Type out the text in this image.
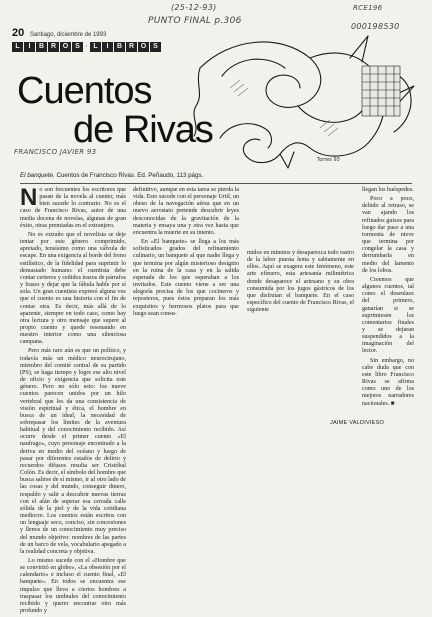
(25-12-93)
PUNTO FINAL p.306
RCE196
000198530
FRANCISCO JAVIER 93
20 Santiago, diciembre de 1993
L	I	B R O S	· L	I	B R O S
Cuentos
de Rivas
Torres 93
El banquete. Cuentos de Francisco Rivas. Ed. Peñaudo, 113 págs.

No son frecuentes los escritores que pasan de la novela al cuento; más bien sucede lo contrario. No es el caso de Francisco Rivas, autor de una media docena de novelas, algunas de gran éxito, otras premiadas en el extranjero.

No es extraño que el novelista se deje tentar por este género comprimido, apretado, tensísimo como una válvula de escape. En una exigencia al borde del freno estilístico, de la fidelidad para suprimir lo demasiado humano: el cuentista debe contar certeros y ceñidos trazos de párrafos y frases y dejar que la fábula hable por sí sola. Un gran cuentista expresó alguna vez que el cuento es una historia con el fin de contar otra. Es decir, más allá de lo aparente, siempre en todo caso, como hay otra lectura y otro mensaje que supere al propio cuento y quede resonando en nuestro interior como una silenciosa campana.

Pero más raro aún es que un político, y todavía más un médico neurocirujano, miembro del comité central de su partido (PS), se haga tiempo y logre ese alto nivel de oficio y exigencia que solicita este género. Pero no sólo esto: los nueve cuentos parecen unidos por un hilo vertebral que les da una consistencia de visión espiritual y ética, el hombre en busca de un ideal, la necesidad de sobrepasar los límites de la aventura habitual y del conocimiento recibido. Así ocurre desde el primer cuento «El naufrago», cuyo personaje encontrado a la deriva en medio del océano y luego de pasar por diferentes estados de delirio y recuerdos difusos resulta ser Cristóbal Colón. Es decir, el símbolo del hombre que busca salirse de sí mismo, ir al otro lado de las cosas y del mundo, conseguir dinero, respaldo y salir a descubrir nuevas tierras con el afán de superar esa cerrada calle sólida de la piel y de la vida cotidiana mediocre. Los cuentos están escritos con un lenguaje seco, conciso, sin concesiones y llenos de un conocimiento muy preciso del mundo objetivo: nombres de las partes de un barco de vela, vocabulario apegado a la realidad concreta y objetiva.

Lo mismo sucede con el «Hombre que se convirtió en globo», «La obsesión por el calendario» e incluso el cuento final, «El banquete». En todos se encuentra ese impulso que lleva a ciertos hombres a traspasar los umbrales del conocimiento recibido y querer encontrar otro más profundo y

definitivo, aunque en esta tarea se pierda la vida. Esto sucede con el personaje Urtil, un obeso de la navegación aérea que en un nuevo aerostato pretende descubrir leyes desconocidas de la gravitación de la materia y ensaya una y otra vez hasta que encuentra la muerte en su intento.

En «El banquete» se llega a los más sofisticados grados del refinamiento culinario, un banquete al que nadie llega y que termina por algún misterioso designio en la ruina de la casa y en la salida esperada de los que esperaban a los invitados. Este cuento viene a ser una alegoría precisa de los que cocineros y reposteros, pues éstos preparan los más exquisitos y hermosos platos para que luego sean consu-

midos en minutos y desaparezca todo rastro de la labor puesta lenta y sabiamente en ellos. Aquí se exagera este fenómeno, este arte efímero, esta artesanía milimétrica donde desaparece el artesano y su obra consumida por los jugos gástricos de los que disfrutan el banquete. En el caso específico del cuento de Francisco Rivas, el siguiente

llegan los huéspedes.

Poco a poco, debido al retraso, se van ajando los refinados guisos para luego dar paso a una tormenta de nieve que termina por congelar la casa y derrumbarla en medio del lamento de los lobos.

Creemos que algunos cuentos, tal como el desenlace del primero, ganarían si se suprimiesen los comentarios finales y se dejaran suspendidos a la imaginación del lector.

Sin embargo, no cabe duda que con este libro Francisco Rivas se afirma como uno de los mejores narradores nacionales. ■

JAIME VALDIVIESO
